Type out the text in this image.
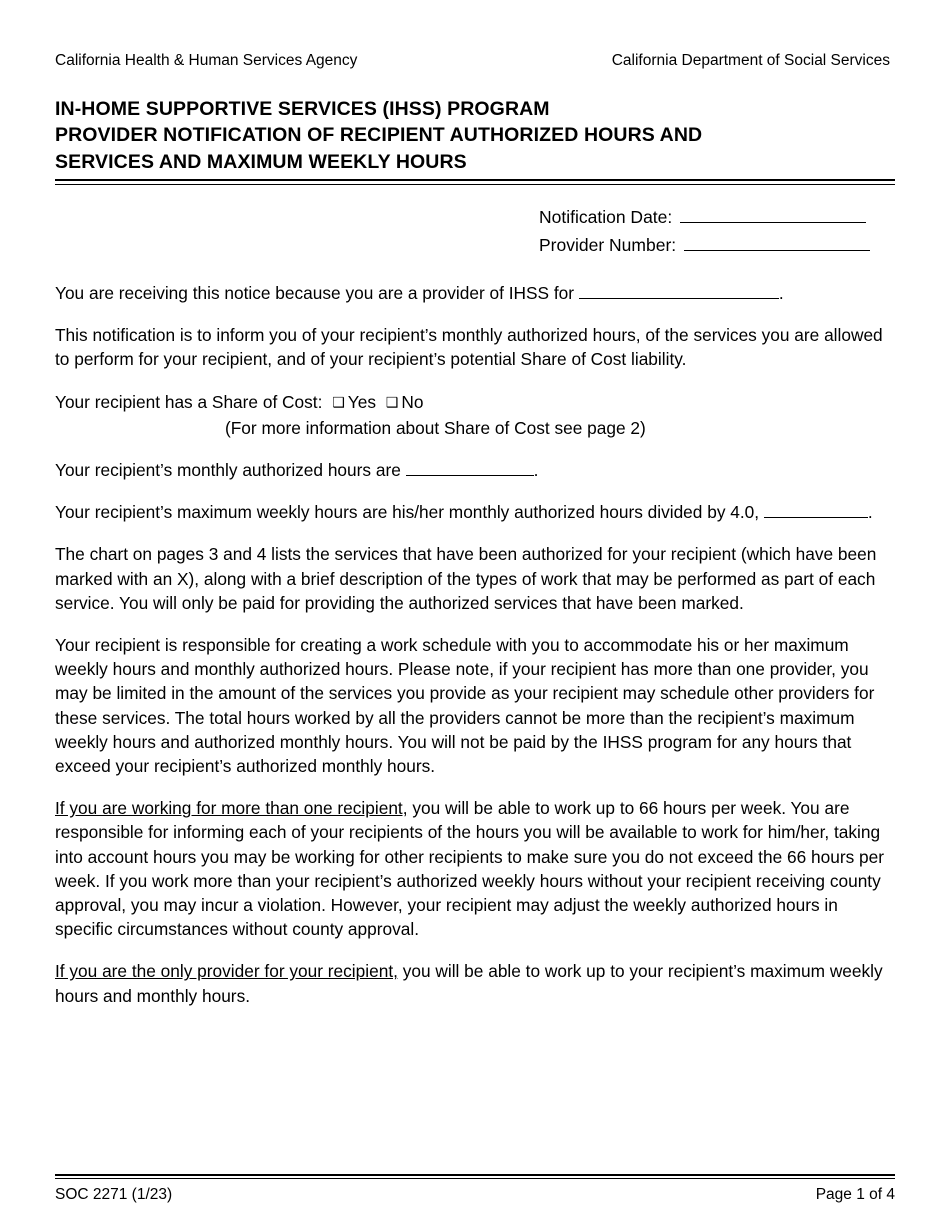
California Health & Human Services Agency	California Department of Social Services
IN-HOME SUPPORTIVE SERVICES (IHSS) PROGRAM
PROVIDER NOTIFICATION OF RECIPIENT AUTHORIZED HOURS AND
SERVICES AND MAXIMUM WEEKLY HOURS
Notification Date:
Provider Number:

You are receiving this notice because you are a provider of IHSS for	.

This notification is to inform you of your recipient’s monthly authorized hours, of the services you are allowed to perform for your recipient, and of your recipient’s potential Share of Cost liability.

Your recipient has a Share of Cost: ❑ Yes ❑ No
(For more information about Share of Cost see page 2)

Your recipient’s monthly authorized hours are	.

Your recipient’s maximum weekly hours are his/her monthly authorized hours divided by 4.0,	.

The chart on pages 3 and 4 lists the services that have been authorized for your recipient (which have been marked with an X), along with a brief description of the types of work that may be performed as part of each service. You will only be paid for providing the authorized services that have been marked.

Your recipient is responsible for creating a work schedule with you to accommodate his or her maximum weekly hours and monthly authorized hours. Please note, if your recipient has more than one provider, you may be limited in the amount of the services you provide as your recipient may schedule other providers for these services. The total hours worked by all the providers cannot be more than the recipient’s maximum weekly hours and authorized monthly hours. You will not be paid by the IHSS program for any hours that exceed your recipient’s authorized monthly hours.

If you are working for more than one recipient, you will be able to work up to 66 hours per week. You are responsible for informing each of your recipients of the hours you will be available to work for him/her, taking into account hours you may be working for other recipients to make sure you do not exceed the 66 hours per week. If you work more than your recipient’s authorized weekly hours without your recipient receiving county approval, you may incur a violation. However, your recipient may adjust the weekly authorized hours in specific circumstances without county approval.

If you are the only provider for your recipient, you will be able to work up to your recipient’s maximum weekly hours and monthly hours.

SOC 2271 (1/23)	Page 1 of 4
